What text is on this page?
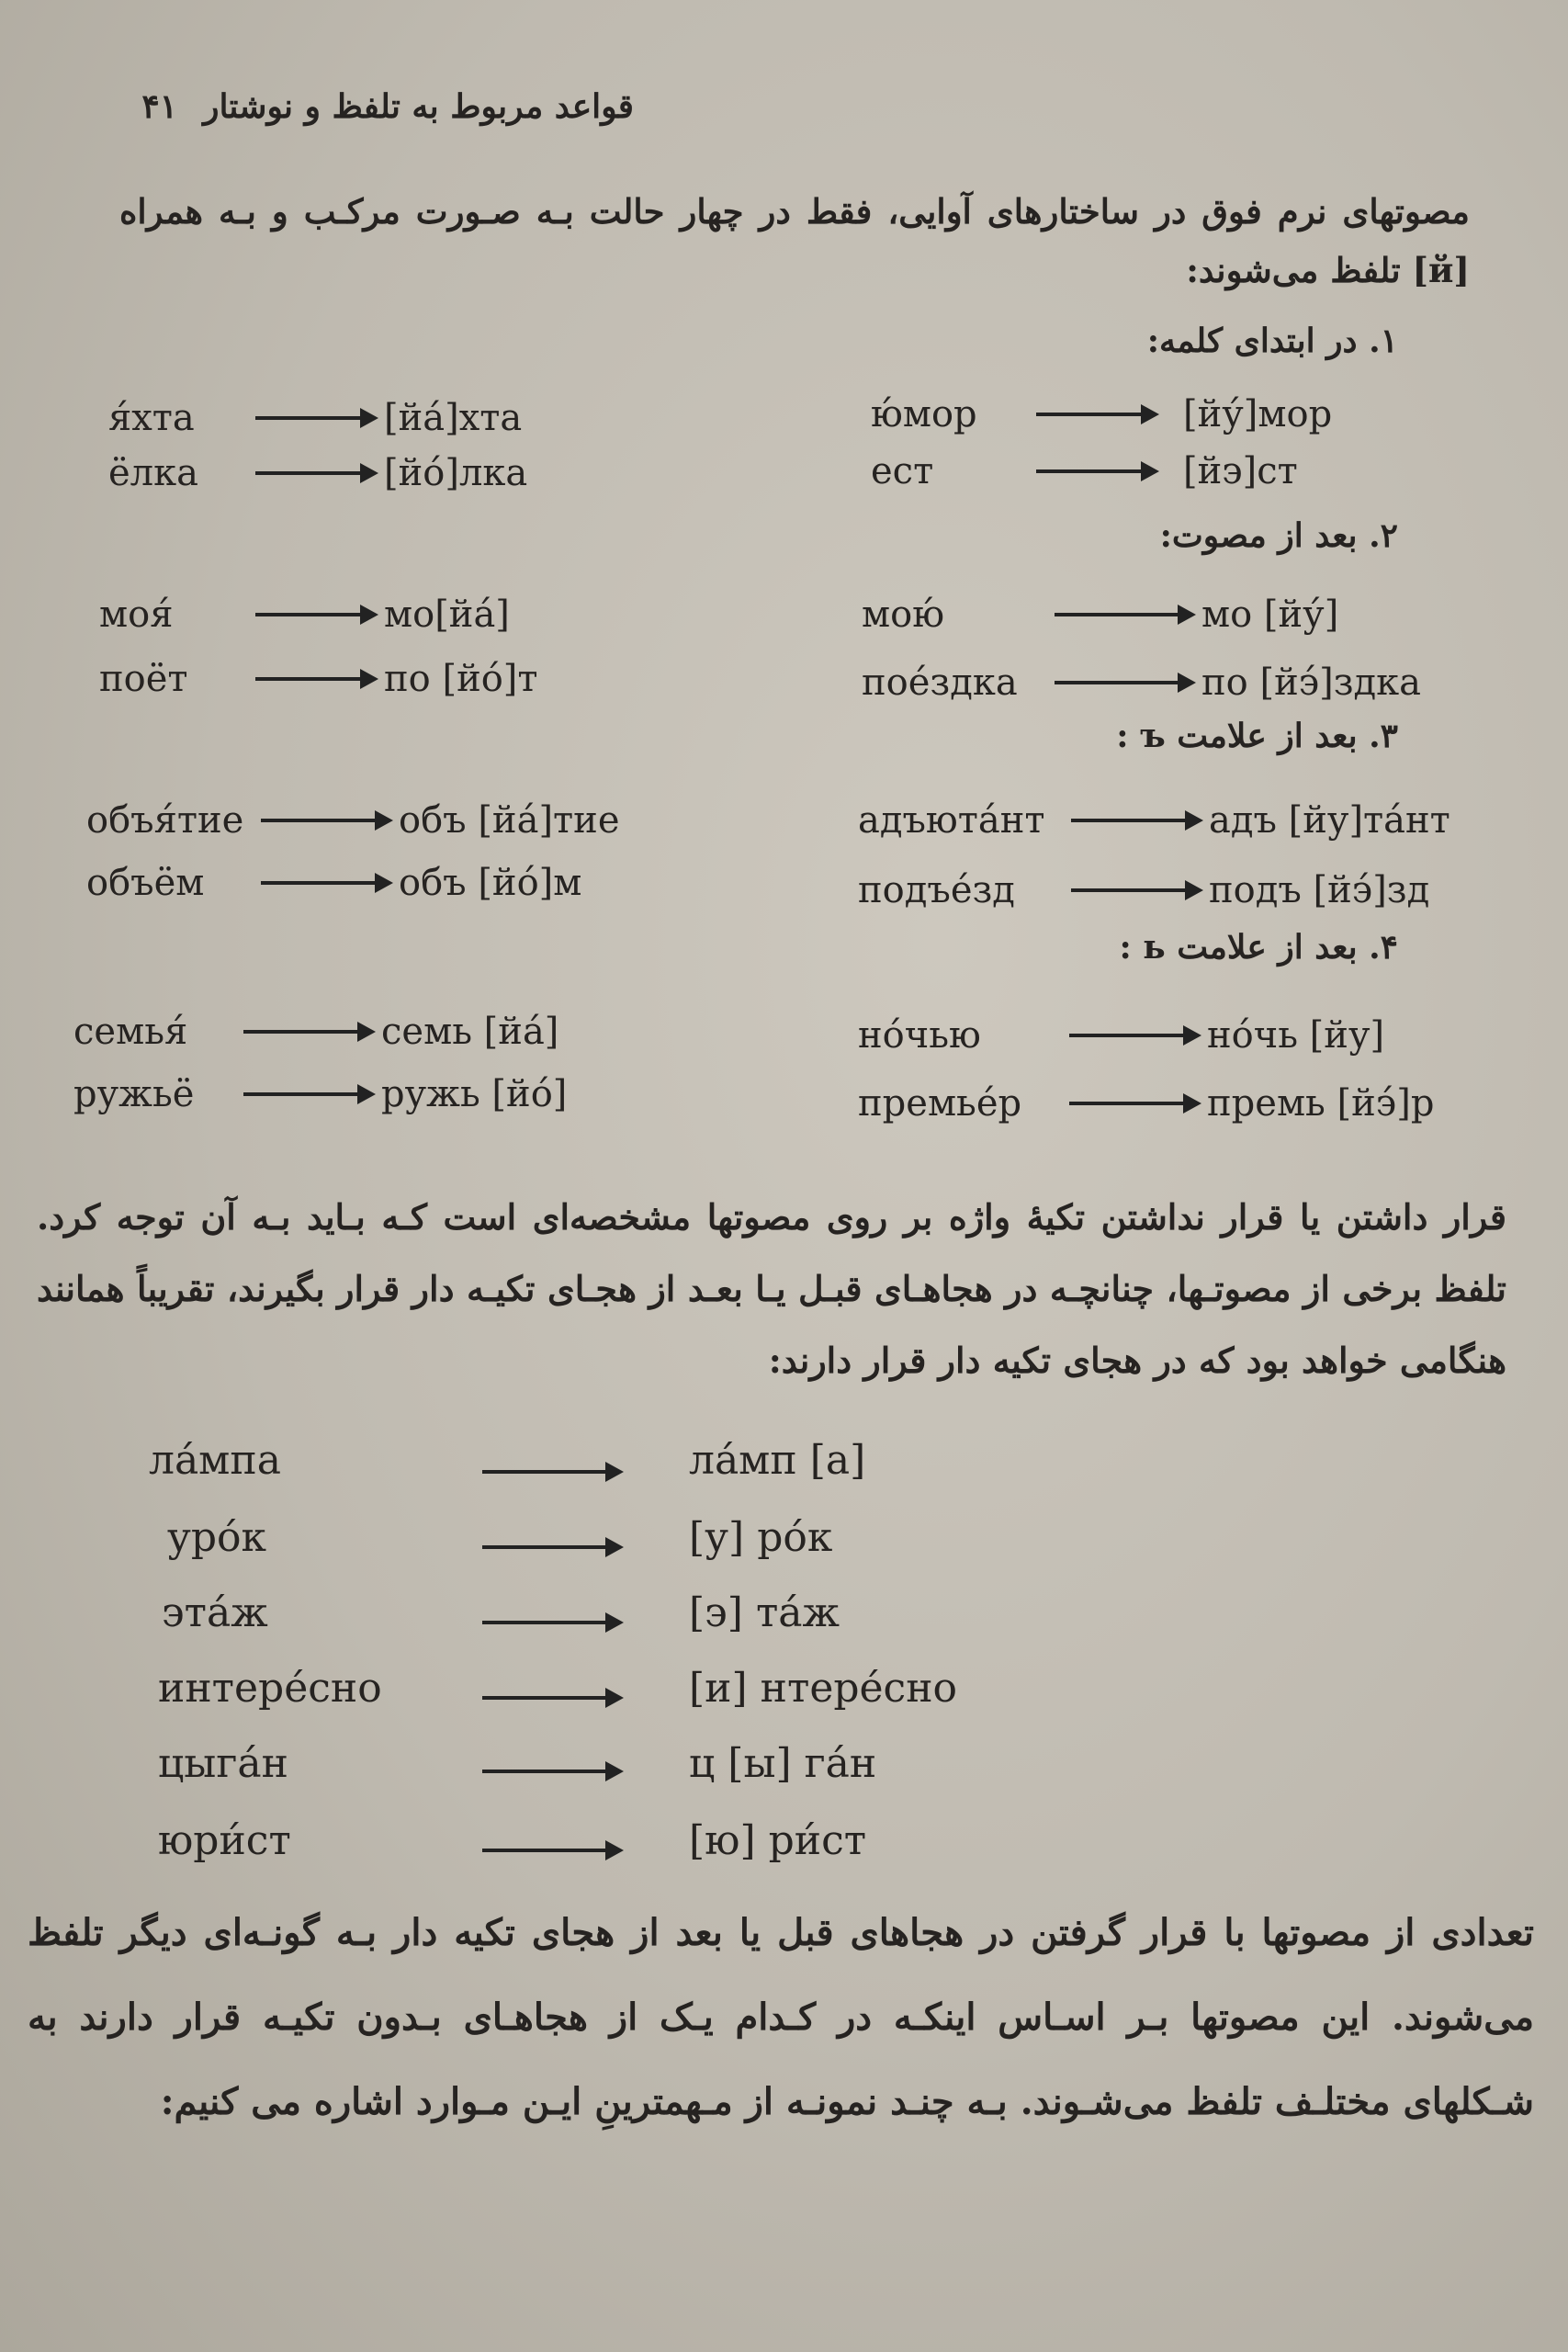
قواعد مربوط به تلفظ و نوشتار
۴۱
مصوتهای نرم فوق در ساختارهای آوایی، فقط در چهار حالت بـه صـورت مرکـب و بـه همراه [й] تلفظ می‌شوند:
۱. در ابتدای کلمه:
я́хта	[йа́]хта
ёлка	[йо́]лка
ю́мор	[йу́]мор
ест	[йэ]ст
۲. بعد از مصوت:
моя́	мо[йа́]
поёт	по [йо́]т
мою́	мо [йу́]
пое́здка	по [йэ́]здка
۳. بعد از علامت ъ :
объя́тие	объ [йа́]тие
объём	объ [йо́]м
адъюта́нт	адъ [йу]та́нт
подъе́зд	подъ [йэ́]зд
۴. بعد از علامت ь :
семья́	семь [йа́]
ружьё	ружь [йо́]
но́чью	но́чь [йу]
премье́р	премь [йэ́]р
قرار داشتن یا قرار نداشتن تکیهٔ واژه بر روی مصوتها مشخصه‌ای است کـه بـاید بـه آن توجه کرد. تلفظ برخی از مصوتـها، چنانچـه در هجاهـای قبـل یـا بعـد از هجـای تکیـه دار قرار بگیرند، تقریباً همانند هنگامی خواهد بود که در هجای تکیه دار قرار دارند:
ла́мпа	ла́мп [а]
уро́к	[у] ро́к
эта́ж	[э] та́ж
интере́сно	[и] нтере́сно
цыга́н	ц [ы] га́н
юри́ст	[ю] ри́ст
تعدادی از مصوتها با قرار گرفتن در هجاهای قبل یا بعد از هجای تکیه دار بـه گونـه‌ای دیگر تلفظ می‌شوند. این مصوتها بـر اسـاس اینکـه در کـدام یـک از هجاهـای بـدون تکیـه قرار دارند به شـکلهای مختلـف تلفظ می‌شـوند. بـه چنـد نمونـه از مـهمترینِ ایـن مـوارد اشاره می کنیم:
